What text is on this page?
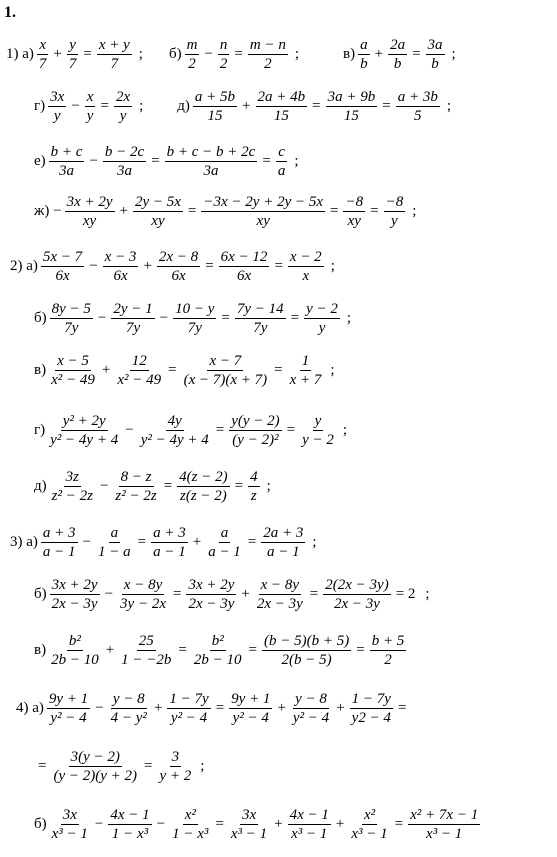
1.
1) $а) \frac{x}{7} + \frac{y}{7} = \frac{x + y}{7}$ ; $б) \frac{m}{2} - \frac{n}{2} = \frac{m - n}{2}$ ;	$в) \frac{a}{b} + \frac{2a}{b} = \frac{3a}{b}$ ;
$г) \frac{3x}{y} - \frac{x}{y} = \frac{2x}{y}$ ; $д) \frac{a + 5b}{15} + \frac{2a + 4b}{15} = \frac{3a + 9b}{15} = \frac{a + 3b}{5}$ ;
$е) \frac{b + c}{3a} - \frac{b - 2c}{3a} = \frac{b + c - b + 2c}{3a} = \frac{c}{a}$ ;
$ж) - \frac{3x + 2y}{xy} + \frac{2y - 5x}{xy} = \frac{-3x - 2y + 2y - 5x}{xy} = \frac{-8}{xy} = \frac{-8}{y}$ ;
2) $а) \frac{5x - 7}{6x} - \frac{x - 3}{6x} + \frac{2x - 8}{6x} = \frac{6x - 12}{6x} = \frac{x - 2}{x}$ ;
$б) \frac{8y - 5}{7y} - \frac{2y - 1}{7y} - \frac{10 - y}{7y} = \frac{7y - 14}{7y} = \frac{y - 2}{y}$ ;
$в) \frac{x - 5}{\text{x² − 49}} + \frac{12}{\text{x² − 49}} = \frac{x - 7}{(x - 7)(x + 7)} = \frac{1}{x + 7}$ ;
$г) \frac{\text{y² + 2y}}{\text{y² − 4y + 4}} - \frac{4y}{\text{y² − 4y + 4}} = \frac{y(y - 2)}{\text{(y − 2)²}} = \frac{y}{y - 2}$ ;
$д) \frac{3z}{\text{z² − 2z}} - \frac{8 - z}{\text{z² − 2z}} = \frac{4(z - 2)}{z(z - 2)} = \frac{4}{z}$ ;
3) $а) \frac{a + 3}{a - 1} - \frac{a}{1 - a} = \frac{a + 3}{a - 1} + \frac{a}{a - 1} = \frac{2a + 3}{a - 1}$ ;
$б) \frac{3x + 2y}{2x - 3y} - \frac{x - 8y}{3y - 2x} = \frac{3x + 2y}{2x - 3y} + \frac{x - 8y}{2x - 3y} = \frac{2(2x - 3y)}{2x - 3y} = 2$ ;
$в) \frac{\text{b²}}{2b - 10} + \frac{25}{1 - -2b} = \frac{\text{b²}}{2b - 10} = \frac{(b - 5)(b + 5)}{2(b - 5)} = \frac{b + 5}{2}$
4) $а) \frac{9y + 1}{\text{y² − 4}} - \frac{y - 8}{\text{4 − y²}} + \frac{1 - 7y}{\text{y² − 4}} = \frac{9y + 1}{\text{y² − 4}} + \frac{y - 8}{\text{y² − 4}} + \frac{1 - 7y}{y2 - 4}$ =
= $\frac{3(y - 2)}{(y - 2)(y + 2)} = \frac{3}{y + 2}$ ;
$б) \frac{3x}{\text{x³ − 1}} - \frac{4x - 1}{\text{1 − x³}} - \frac{\text{x²}}{\text{1 − x³}} = \frac{3x}{\text{x³ − 1}} + \frac{4x - 1}{\text{x³ − 1}} + \frac{\text{x²}}{\text{x³ − 1}} = \frac{\text{x² + 7x − 1}}{\text{x³ − 1}}$
